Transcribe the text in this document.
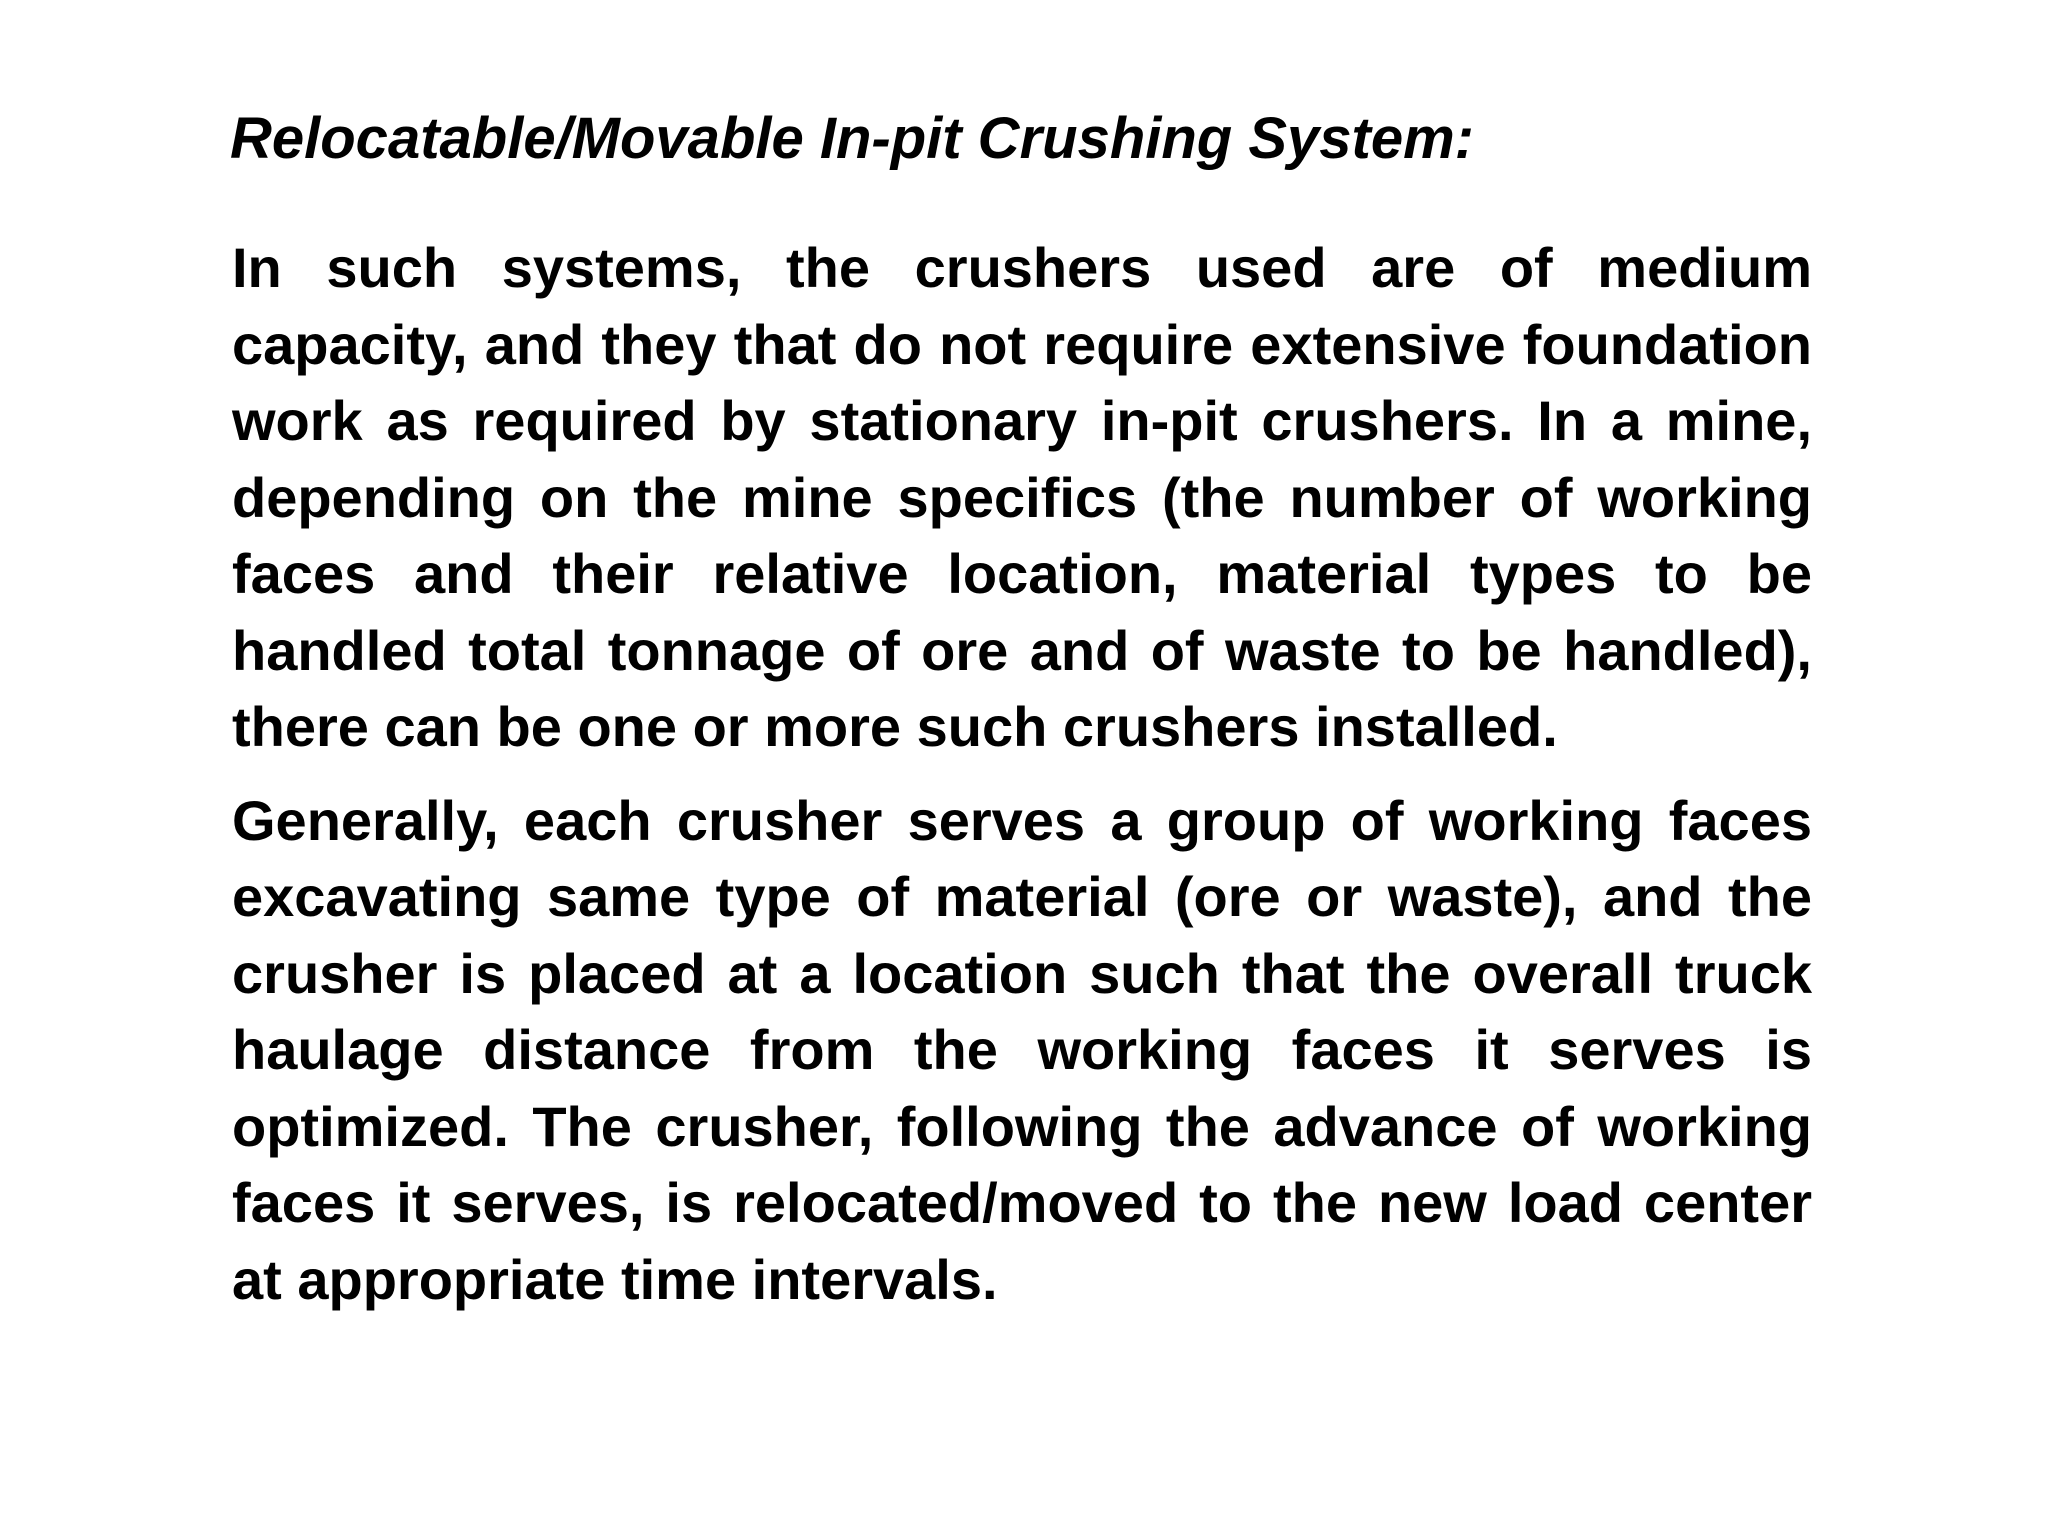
Relocatable/Movable In-pit Crushing System:

In such systems, the crushers used are of medium capacity, and they that do not require extensive foundation work as required by stationary in-pit crushers. In a mine, depending on the mine specifics (the number of working faces and their relative location, material types to be handled total tonnage of ore and of waste to be handled), there can be one or more such crushers installed.

Generally, each crusher serves a group of working faces excavating same type of material (ore or waste), and the crusher is placed at a location such that the overall truck haulage distance from the working faces it serves is optimized. The crusher, following the advance of working faces it serves, is relocated/moved to the new load center at appropriate time intervals.
